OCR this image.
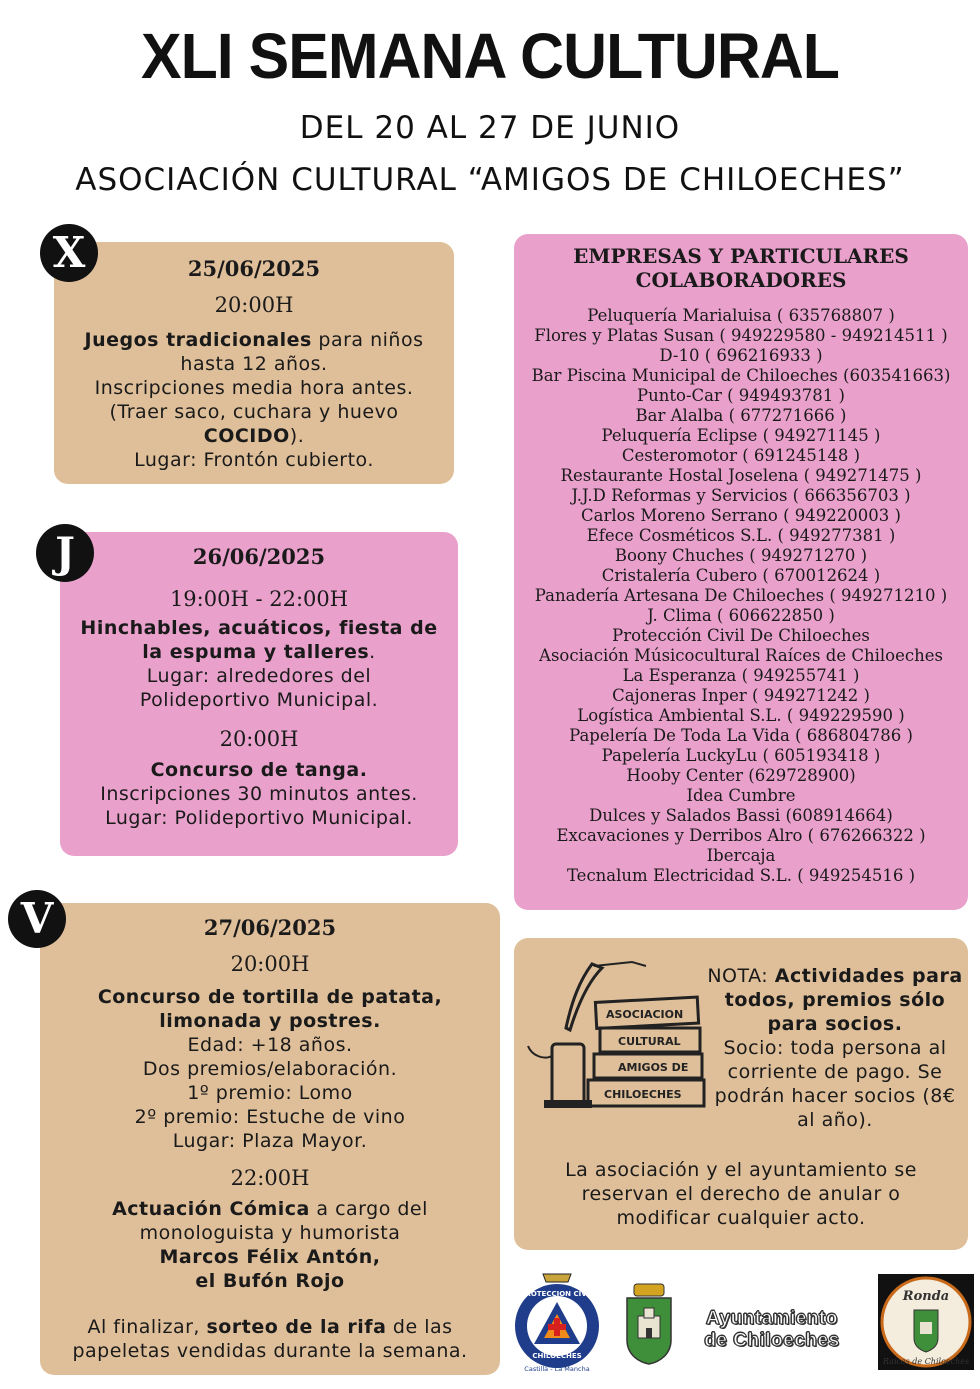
XLI SEMANA CULTURAL
DEL 20 AL 27 DE JUNIO
ASOCIACIÓN CULTURAL “AMIGOS DE CHILOECHES”
25/06/2025
20:00H
Juegos tradicionales para niños hasta 12 años.
Inscripciones media hora antes.
(Traer saco, cuchara y huevo COCIDO).
Lugar: Frontón cubierto.
X
26/06/2025
19:00H - 22:00H
Hinchables, acuáticos, fiesta de la espuma y talleres.
Lugar: alrededores del Polideportivo Municipal.
20:00H
Concurso de tanga.
Inscripciones 30 minutos antes.
Lugar: Polideportivo Municipal.
J
27/06/2025
20:00H
Concurso de tortilla de patata, limonada y postres.
Edad: +18 años.
Dos premios/elaboración.
1º premio: Lomo
2º premio: Estuche de vino
Lugar: Plaza Mayor.
22:00H
Actuación Cómica a cargo del monologuista y humorista
Marcos Félix Antón,
el Bufón Rojo
Al finalizar, sorteo de la rifa de las papeletas vendidas durante la semana.
V
EMPRESAS Y PARTICULARES
COLABORADORES
Peluquería Marialuisa ( 635768807 )
Flores y Platas Susan ( 949229580 - 949214511 )
D-10 ( 696216933 )
Bar Piscina Municipal de Chiloeches (603541663)
Punto-Car ( 949493781 )
Bar Alalba ( 677271666 )
Peluquería Eclipse ( 949271145 )
Cesteromotor ( 691245148 )
Restaurante Hostal Joselena ( 949271475 )
J.J.D Reformas y Servicios ( 666356703 )
Carlos Moreno Serrano ( 949220003 )
Efece Cosméticos S.L. ( 949277381 )
Boony Chuches ( 949271270 )
Cristalería Cubero ( 670012624 )
Panadería Artesana De Chiloeches ( 949271210 )
J. Clima ( 606622850 )
Protección Civil De Chiloeches
Asociación Músicocultural Raíces de Chiloeches
La Esperanza ( 949255741 )
Cajoneras Inper ( 949271242 )
Logística Ambiental S.L. ( 949229590 )
Papelería De Toda La Vida ( 686804786 )
Papelería LuckyLu ( 605193418 )
Hooby Center (629728900)
Idea Cumbre
Dulces y Salados Bassi (608914664)
Excavaciones y Derribos Alro ( 676266322 )
Ibercaja
Tecnalum Electricidad S.L. ( 949254516 )
ASOCIACION
CULTURAL
AMIGOS DE
CHILOECHES
NOTA: Actividades para todos, premios sólo para socios.
Socio: toda persona al corriente de pago. Se podrán hacer socios (8€ al año).
La asociación y el ayuntamiento se reservan el derecho de anular o modificar cualquier acto.
PROTECCION CIVIL
CHILOECHES
Castilla - La Mancha
Ayuntamiento
de Chiloeches
Ronda
Raíces de Chiloeches
